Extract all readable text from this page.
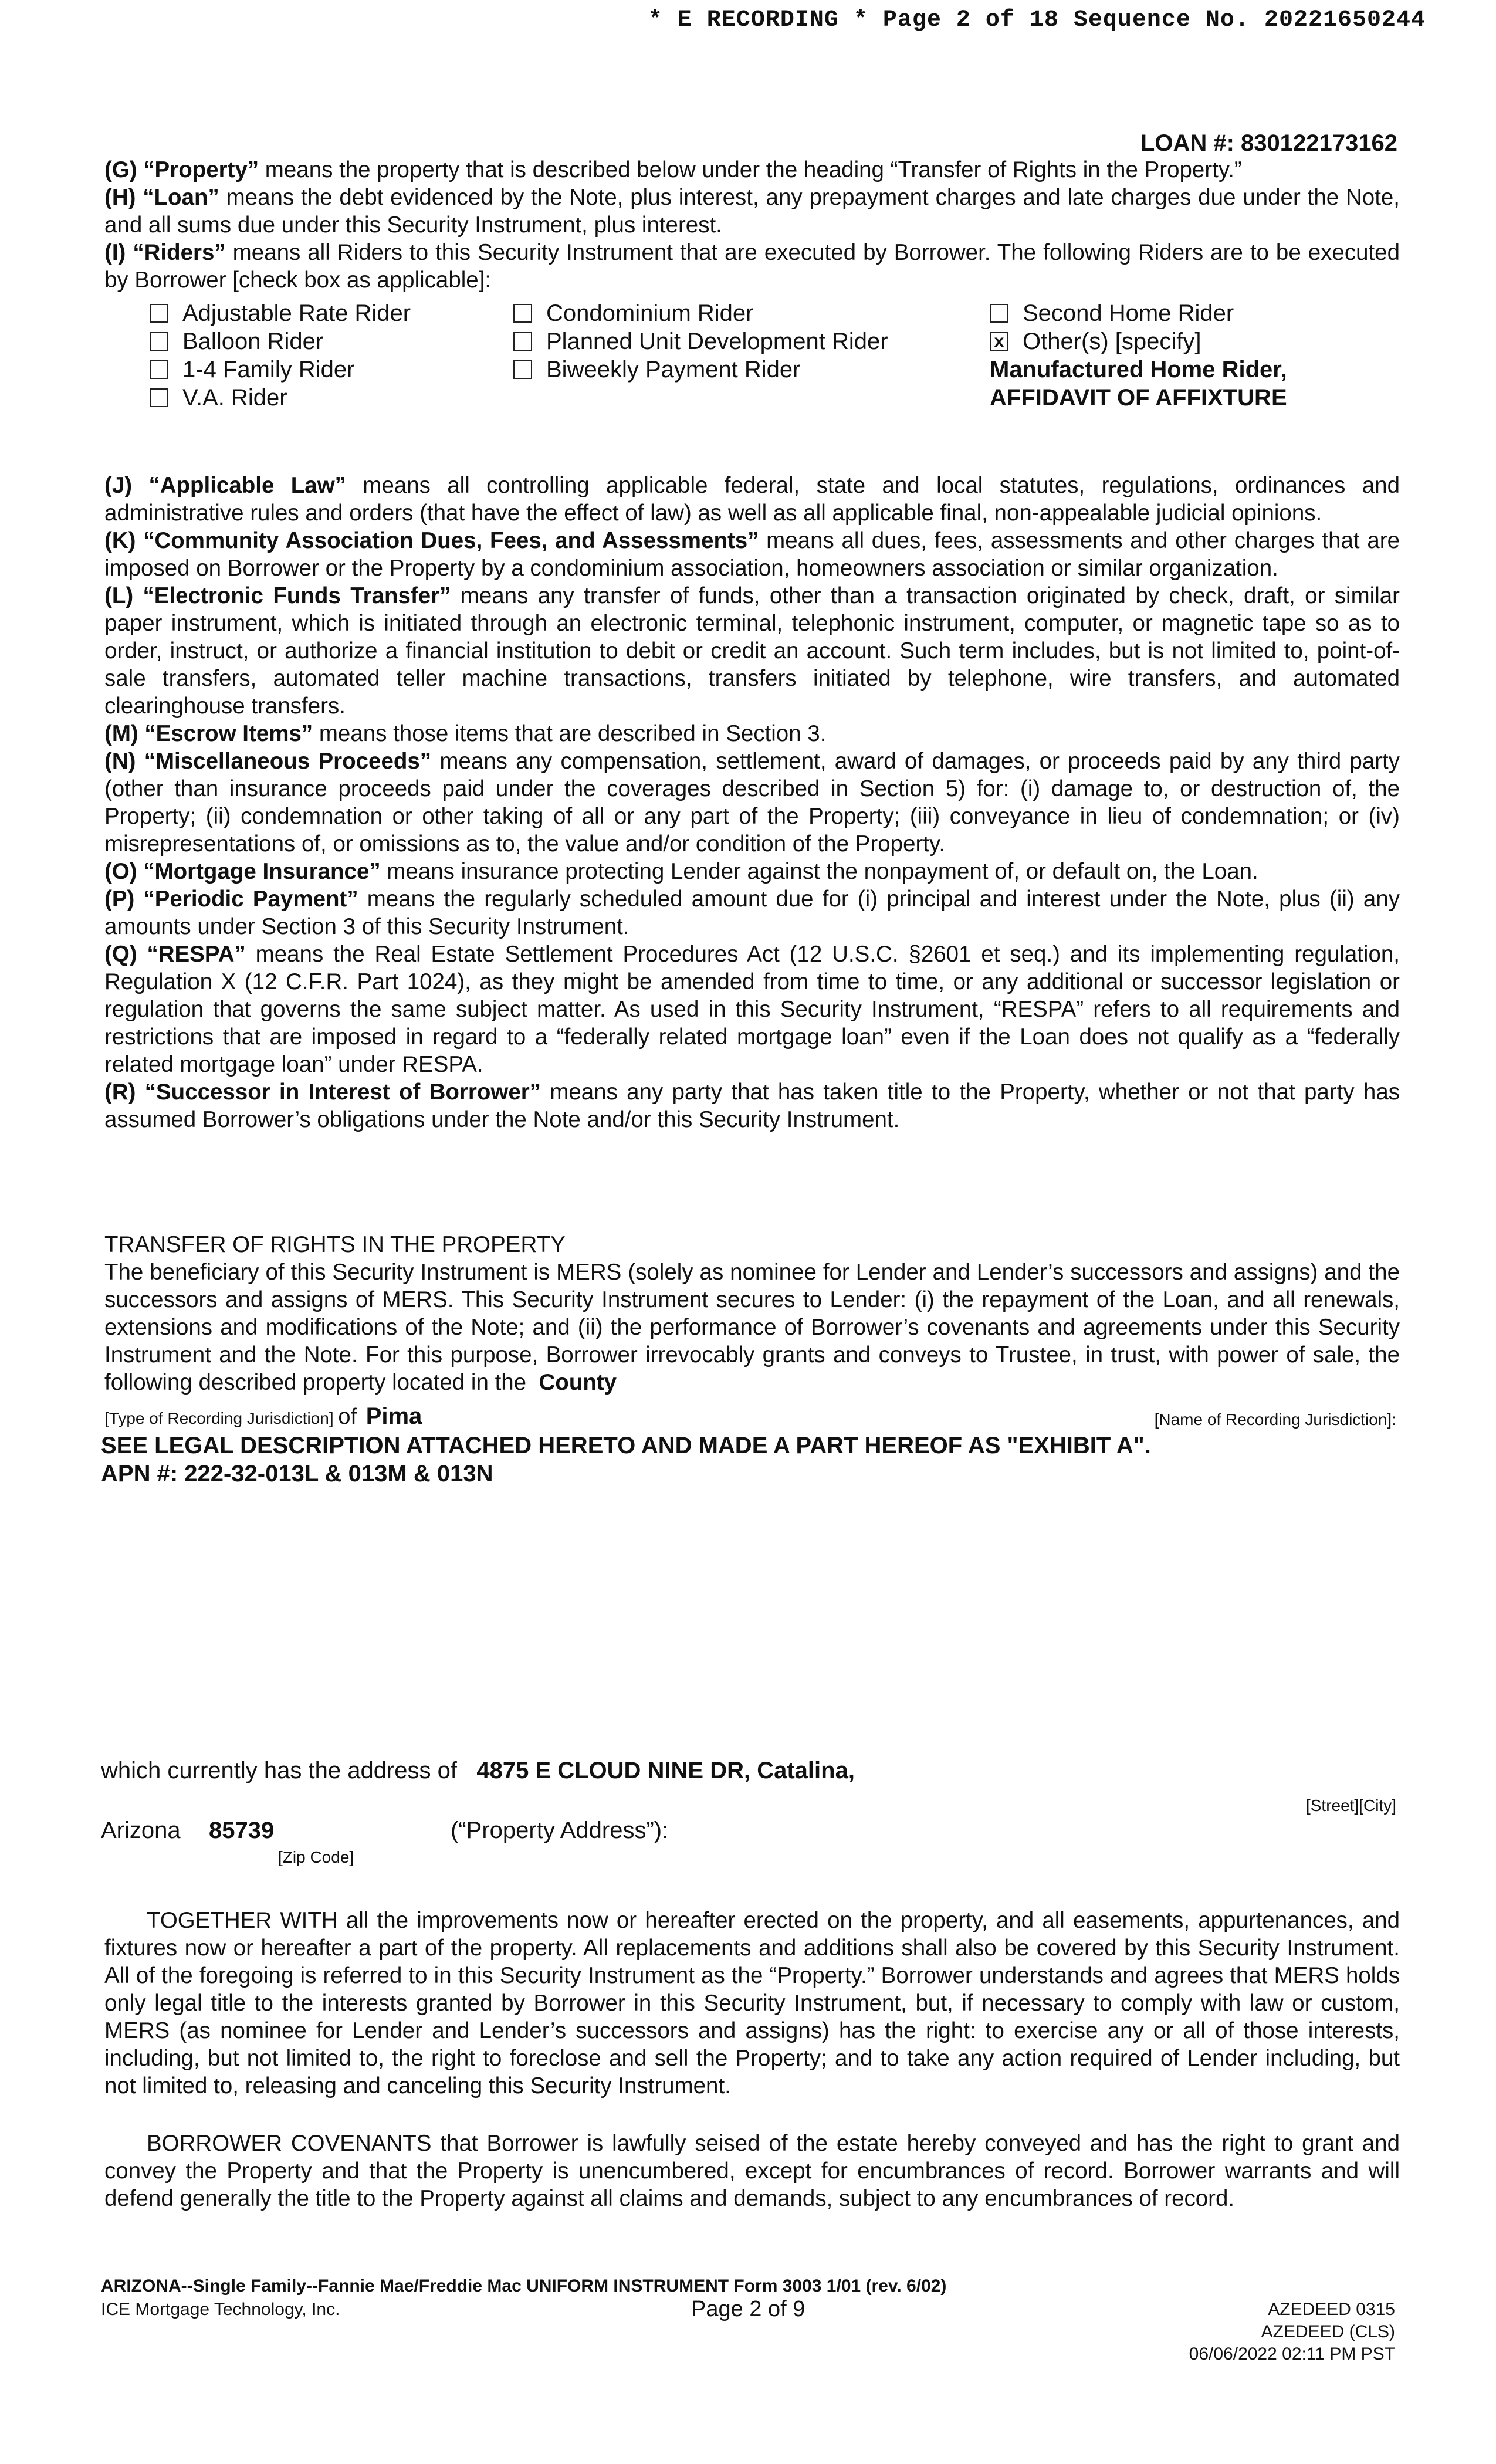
* E RECORDING * Page 2 of 18 Sequence No. 20221650244
LOAN #: 830122173162

(G) “Property” means the property that is described below under the heading “Transfer of Rights in the Property.”

(H) “Loan” means the debt evidenced by the Note, plus interest, any prepayment charges and late charges due under the Note, and all sums due under this Security Instrument, plus interest.

(I) “Riders” means all Riders to this Security Instrument that are executed by Borrower. The following Riders are to be executed by Borrower [check box as applicable]:

Adjustable Rate Rider
Balloon Rider
1-4 Family Rider
V.A. Rider
Condominium Rider
Planned Unit Development Rider
Biweekly Payment Rider
Second Home Rider
x Other(s) [specify]
Manufactured Home Rider,
AFFIDAVIT OF AFFIXTURE

(J) “Applicable Law” means all controlling applicable federal, state and local statutes, regulations, ordinances and administrative rules and orders (that have the effect of law) as well as all applicable final, non-appealable judicial opinions.

(K) “Community Association Dues, Fees, and Assessments” means all dues, fees, assessments and other charges that are imposed on Borrower or the Property by a condominium association, homeowners association or similar organization.

(L) “Electronic Funds Transfer” means any transfer of funds, other than a transaction originated by check, draft, or similar paper instrument, which is initiated through an electronic terminal, telephonic instrument, computer, or magnetic tape so as to order, instruct, or authorize a financial institution to debit or credit an account. Such term includes, but is not limited to, point-of-sale transfers, automated teller machine transactions, transfers initiated by telephone, wire transfers, and automated clearinghouse transfers.

(M) “Escrow Items” means those items that are described in Section 3.

(N) “Miscellaneous Proceeds” means any compensation, settlement, award of damages, or proceeds paid by any third party (other than insurance proceeds paid under the coverages described in Section 5) for: (i) damage to, or destruction of, the Property; (ii) condemnation or other taking of all or any part of the Property; (iii) conveyance in lieu of condemnation; or (iv) misrepresentations of, or omissions as to, the value and/or condition of the Property.

(O) “Mortgage Insurance” means insurance protecting Lender against the nonpayment of, or default on, the Loan.

(P) “Periodic Payment” means the regularly scheduled amount due for (i) principal and interest under the Note, plus (ii) any amounts under Section 3 of this Security Instrument.

(Q) “RESPA” means the Real Estate Settlement Procedures Act (12 U.S.C. §2601 et seq.) and its implementing regulation, Regulation X (12 C.F.R. Part 1024), as they might be amended from time to time, or any additional or successor legislation or regulation that governs the same subject matter. As used in this Security Instrument, “RESPA” refers to all requirements and restrictions that are imposed in regard to a “federally related mortgage loan” even if the Loan does not qualify as a “federally related mortgage loan” under RESPA.

(R) “Successor in Interest of Borrower” means any party that has taken title to the Property, whether or not that party has assumed Borrower’s obligations under the Note and/or this Security Instrument.

TRANSFER OF RIGHTS IN THE PROPERTY

The beneficiary of this Security Instrument is MERS (solely as nominee for Lender and Lender’s successors and assigns) and the successors and assigns of MERS. This Security Instrument secures to Lender: (i) the repayment of the Loan, and all renewals, extensions and modifications of the Note; and (ii) the performance of Borrower’s covenants and agreements under this Security Instrument and the Note. For this purpose, Borrower irrevocably grants and conveys to Trustee, in trust, with power of sale, the following described property located in the County

[Type of Recording Jurisdiction] of Pima	[Name of Recording Jurisdiction]:
SEE LEGAL DESCRIPTION ATTACHED HERETO AND MADE A PART HEREOF AS "EXHIBIT A".
APN #: 222-32-013L & 013M & 013N
which currently has the address of 4875 E CLOUD NINE DR, Catalina,
[Street][City]
Arizona 85739	(“Property Address”):
[Zip Code]

TOGETHER WITH all the improvements now or hereafter erected on the property, and all easements, appurtenances, and fixtures now or hereafter a part of the property. All replacements and additions shall also be covered by this Security Instrument. All of the foregoing is referred to in this Security Instrument as the “Property.” Borrower understands and agrees that MERS holds only legal title to the interests granted by Borrower in this Security Instrument, but, if necessary to comply with law or custom, MERS (as nominee for Lender and Lender’s successors and assigns) has the right: to exercise any or all of those interests, including, but not limited to, the right to foreclose and sell the Property; and to take any action required of Lender including, but not limited to, releasing and canceling this Security Instrument.

BORROWER COVENANTS that Borrower is lawfully seised of the estate hereby conveyed and has the right to grant and convey the Property and that the Property is unencumbered, except for encumbrances of record. Borrower warrants and will defend generally the title to the Property against all claims and demands, subject to any encumbrances of record.

ARIZONA--Single Family--Fannie Mae/Freddie Mac UNIFORM INSTRUMENT Form 3003 1/01 (rev. 6/02)
ICE Mortgage Technology, Inc.	Page 2 of 9	AZEDEED 0315
AZEDEED (CLS)
06/06/2022 02:11 PM PST
